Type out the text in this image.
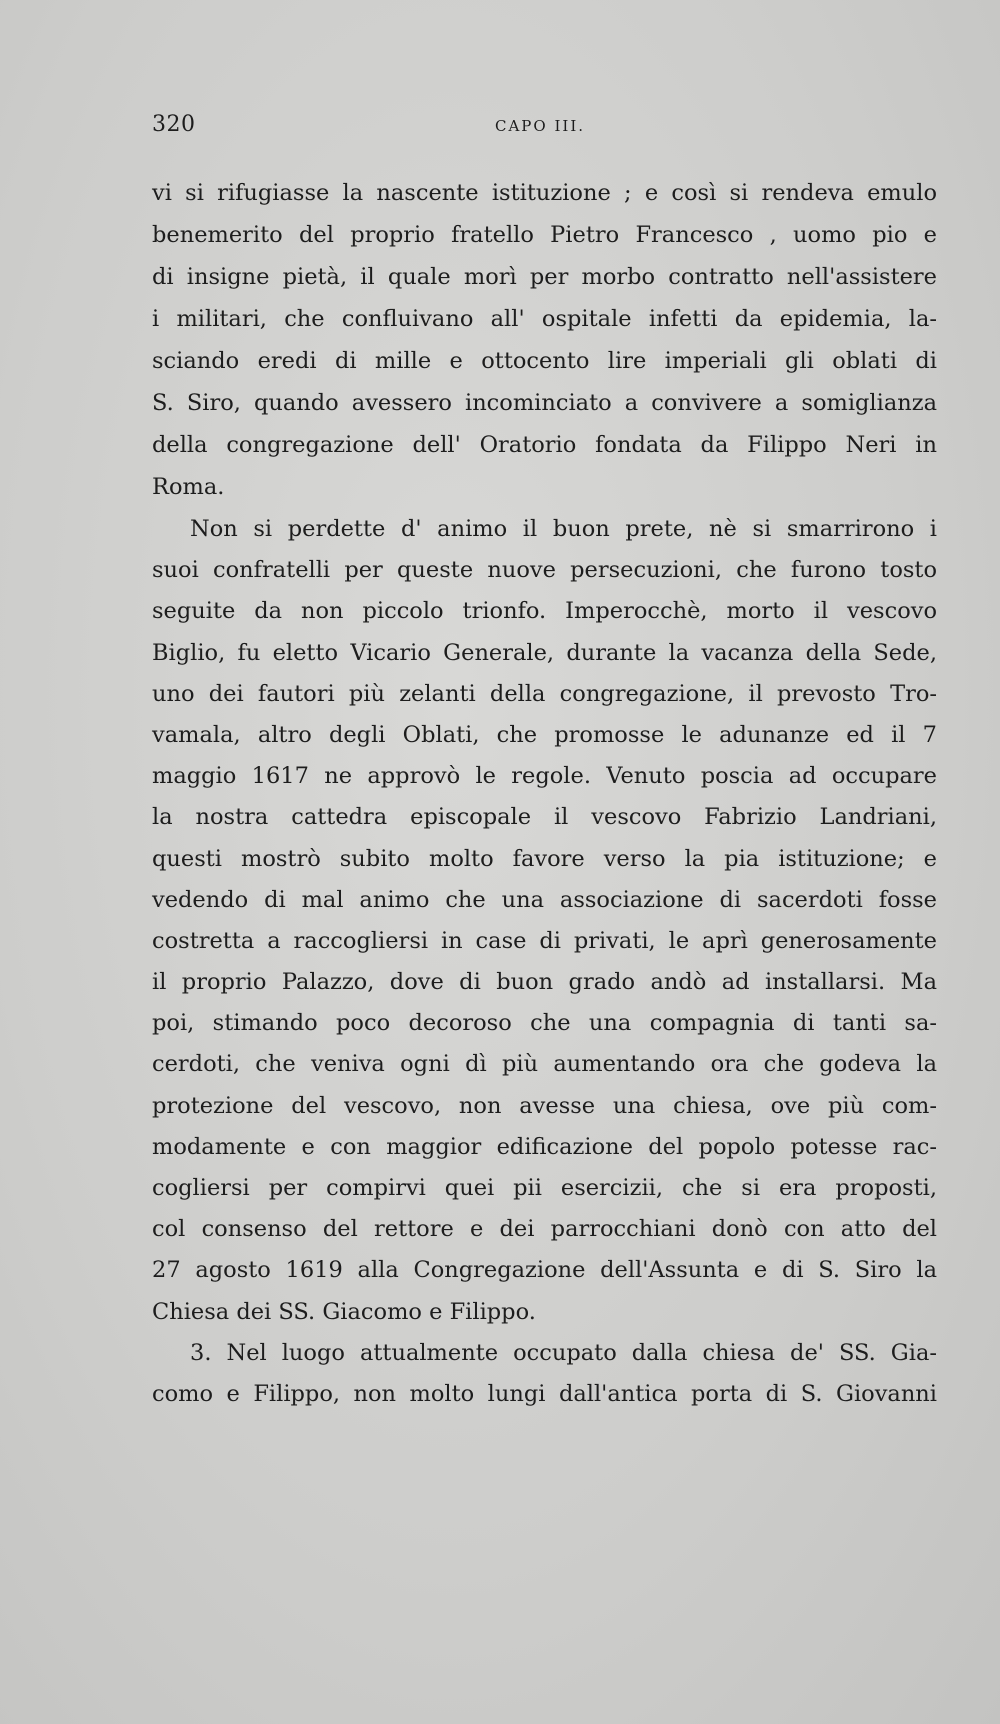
320	CAPO III.
vi si rifugiasse la nascente istituzione ; e così si rendeva emulo
benemerito del proprio fratello Pietro Francesco , uomo pio e
di insigne pietà, il quale morì per morbo contratto nell'assistere
i militari, che confluivano all' ospitale infetti da epidemia, la-
sciando eredi di mille e ottocento lire imperiali gli oblati di
S. Siro, quando avessero incominciato a convivere a somiglianza
della congregazione dell' Oratorio fondata da Filippo Neri in
Roma.
Non si perdette d' animo il buon prete, nè si smarrirono i
suoi confratelli per queste nuove persecuzioni, che furono tosto
seguite da non piccolo trionfo. Imperocchè, morto il vescovo
Biglio, fu eletto Vicario Generale, durante la vacanza della Sede,
uno dei fautori più zelanti della congregazione, il prevosto Tro-
vamala, altro degli Oblati, che promosse le adunanze ed il 7
maggio 1617 ne approvò le regole. Venuto poscia ad occupare
la nostra cattedra episcopale il vescovo Fabrizio Landriani,
questi mostrò subito molto favore verso la pia istituzione; e
vedendo di mal animo che una associazione di sacerdoti fosse
costretta a raccogliersi in case di privati, le aprì generosamente
il proprio Palazzo, dove di buon grado andò ad installarsi. Ma
poi, stimando poco decoroso che una compagnia di tanti sa-
cerdoti, che veniva ogni dì più aumentando ora che godeva la
protezione del vescovo, non avesse una chiesa, ove più com-
modamente e con maggior edificazione del popolo potesse rac-
cogliersi per compirvi quei pii esercizii, che si era proposti,
col consenso del rettore e dei parrocchiani donò con atto del
27 agosto 1619 alla Congregazione dell'Assunta e di S. Siro la
Chiesa dei SS. Giacomo e Filippo.
3. Nel luogo attualmente occupato dalla chiesa de' SS. Gia-
como e Filippo, non molto lungi dall'antica porta di S. Giovanni
